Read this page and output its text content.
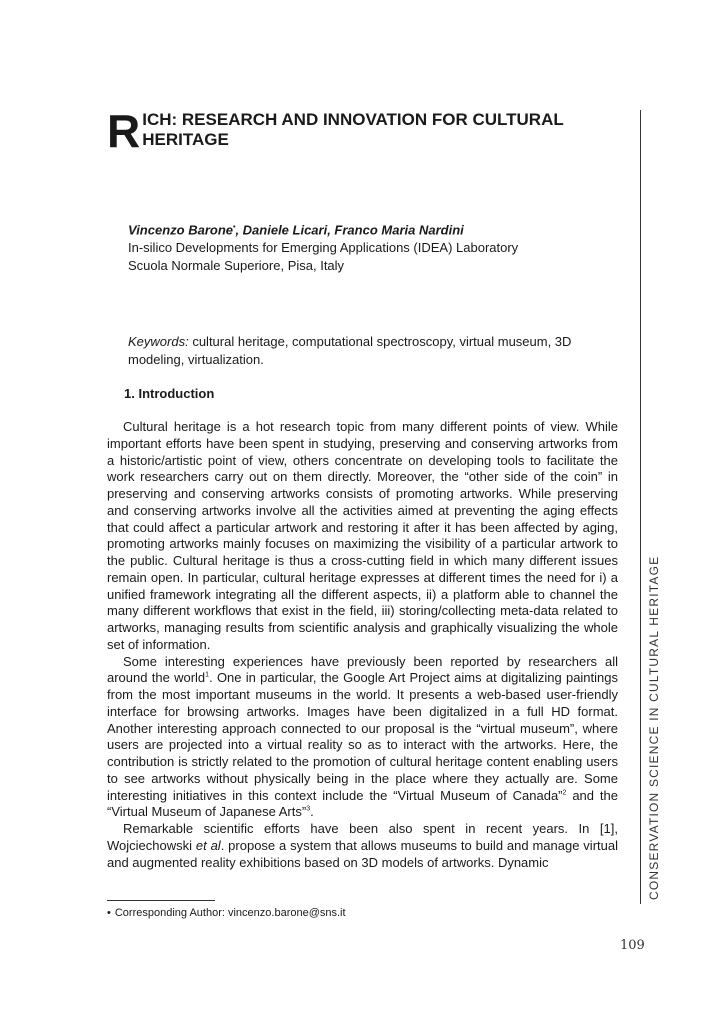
R ICH: RESEARCH AND INNOVATION FOR CULTURAL
HERITAGE
Vincenzo Barone•, Daniele Licari, Franco Maria Nardini
In-silico Developments for Emerging Applications (IDEA) Laboratory
Scuola Normale Superiore, Pisa, Italy
Keywords: cultural heritage, computational spectroscopy, virtual museum, 3D modeling, virtualization.
1. Introduction

Cultural heritage is a hot research topic from many different points of view. While important efforts have been spent in studying, preserving and conserving artworks from a historic/artistic point of view, others concentrate on developing tools to facilitate the work researchers carry out on them directly. Moreover, the “other side of the coin” in preserving and conserving artworks consists of promoting artworks. While preserving and conserving artworks involve all the activities aimed at preventing the aging effects that could affect a particular artwork and restoring it after it has been affected by aging, promoting artworks mainly focuses on maximizing the visibility of a particular artwork to the public. Cultural heritage is thus a cross-cutting field in which many different issues remain open. In particular, cultural heritage expresses at different times the need for i) a unified framework integrating all the different aspects, ii) a platform able to channel the many different workflows that exist in the field, iii) storing/collecting meta-data related to artworks, managing results from scientific analysis and graphically visualizing the whole set of information.

Some interesting experiences have previously been reported by researchers all around the world$^1$. One in particular, the Google Art Project aims at digitalizing paintings from the most important museums in the world. It presents a web-based user-friendly interface for browsing artworks. Images have been digitalized in a full HD format. Another interesting approach connected to our proposal is the “virtual museum”, where users are projected into a virtual reality so as to interact with the artworks. Here, the contribution is strictly related to the promotion of cultural heritage content enabling users to see artworks without physically being in the place where they actually are. Some interesting initiatives in this context include the “Virtual Museum of Canada”$^2$ and the “Virtual Museum of Japanese Arts”$^3$.

Remarkable scientific efforts have been also spent in recent years. In [1], Wojciechowski et al. propose a system that allows museums to build and manage virtual and augmented reality exhibitions based on 3D models of artworks. Dynamic	CONSERVATION SCIENCE IN CULTURAL HERITAGE
• Corresponding Author: vincenzo.barone@sns.it
109
